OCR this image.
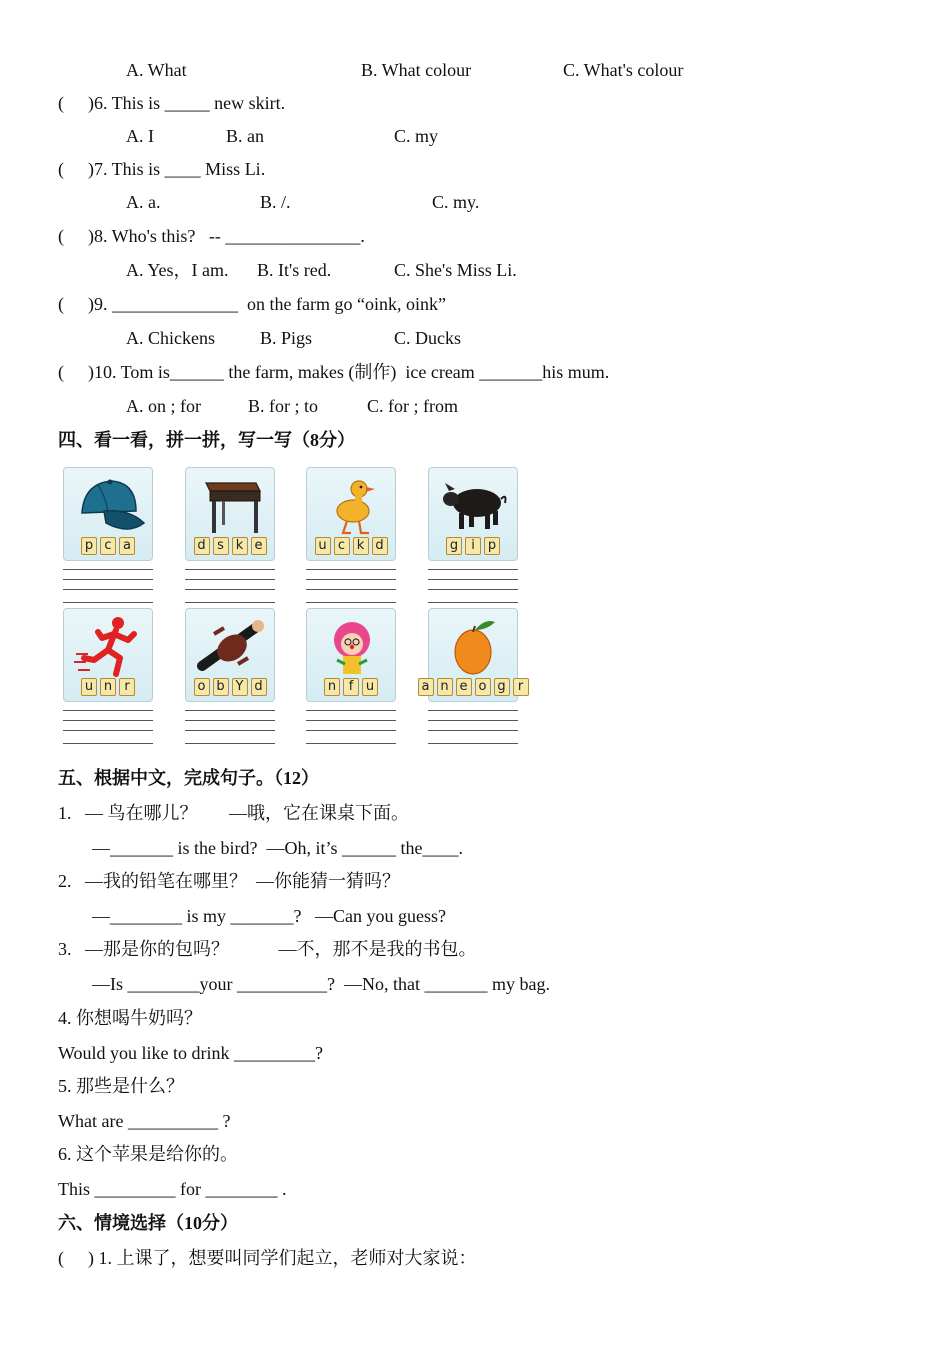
A. What	B. What colour	C. What's colour
( )6. This is _____ new skirt.
A. I	B. an	C. my
( )7. This is ____ Miss Li.
A. a.	B. /.	C. my.
( )8. Who's this?   -- _______________.
A. Yes，I am. B. It's red.	C. She's Miss Li.
( )9. ______________  on the farm go “oink, oink”
A. Chickens	B. Pigs	C. Ducks
( )10. Tom is______ the farm, makes (制作)  ice cream _______his mum.
A. on ; for	B. for ; to	C. for ; from
四、看一看，拼一拼，写一写（8分）
p c a	d s k e	u c k d	g	i	p
u n r	o b Y d	n f u	a n e o g r
五、根据中文，完成句子。（12）
1.   — 鸟在哪儿？       —哦，它在课桌下面。
—_______ is the bird?  —Oh, it’s ______ the____.
2.   —我的铅笔在哪里？  —你能猜一猜吗？
—________ is my _______?   —Can you guess?
3.   —那是你的包吗？           —不，那不是我的书包。
—Is ________your __________?  —No, that _______ my bag.
4. 你想喝牛奶吗？
Would you like to drink _________?
5. 那些是什么？
What are __________ ?
6. 这个苹果是给你的。
This _________ for ________ .
六、情境选择（10分）
( ) 1. 上课了，想要叫同学们起立，老师对大家说：
